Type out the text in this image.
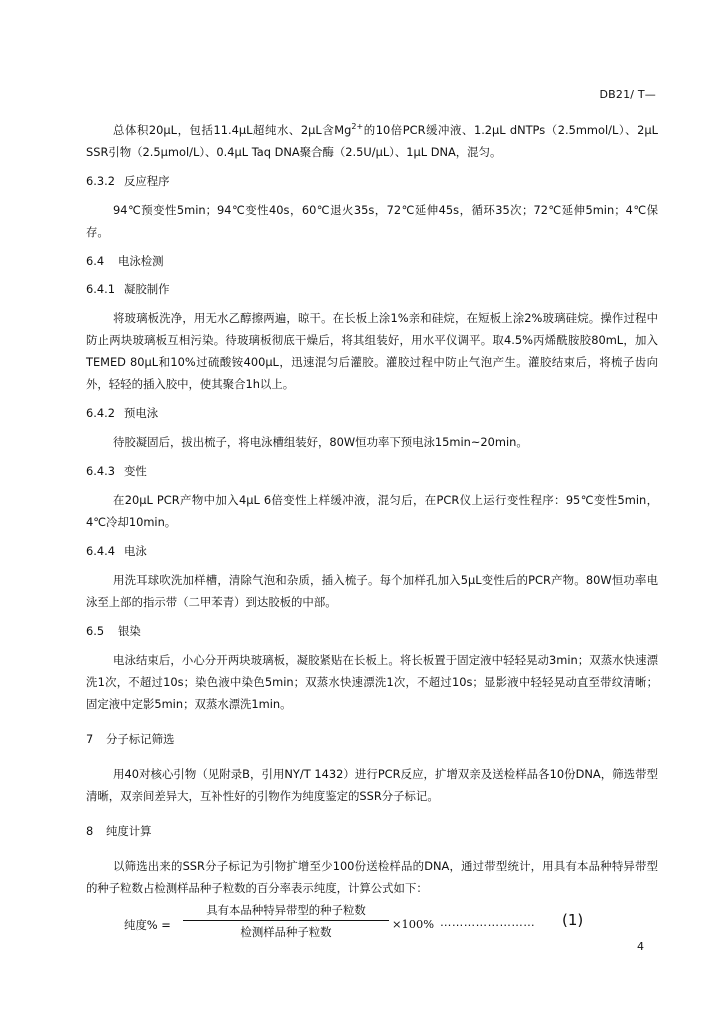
DB21/ T—

总体积20μL，包括11.4μL超纯水、2μL含$Mg^{2+}$的10倍PCR缓冲液、1.2μL dNTPs（2.5mmol/L）、2μL SSR引物（2.5μmol/L）、0.4μL Taq DNA聚合酶（2.5U/μL）、1μL DNA，混匀。

6.3.2 反应程序

94℃预变性5min；94℃变性40s，60℃退火35s，72℃延伸45s，循环35次；72℃延伸5min；4℃保存。

6.4 电泳检测
6.4.1 凝胶制作

将玻璃板洗净，用无水乙醇擦两遍，晾干。在长板上涂1%亲和硅烷，在短板上涂2%玻璃硅烷。操作过程中防止两块玻璃板互相污染。待玻璃板彻底干燥后，将其组装好，用水平仪调平。取4.5%丙烯酰胺胶80mL，加入TEMED 80μL和10%过硫酸铵400μL，迅速混匀后灌胶。灌胶过程中防止气泡产生。灌胶结束后，将梳子齿向外，轻轻的插入胶中，使其聚合1h以上。

6.4.2 预电泳

待胶凝固后，拔出梳子，将电泳槽组装好，80W恒功率下预电泳15min~20min。

6.4.3 变性

在20μL PCR产物中加入4μL 6倍变性上样缓冲液，混匀后，在PCR仪上运行变性程序：95℃变性5min，4℃冷却10min。

6.4.4 电泳

用洗耳球吹洗加样槽，清除气泡和杂质，插入梳子。每个加样孔加入5μL变性后的PCR产物。80W恒功率电泳至上部的指示带（二甲苯青）到达胶板的中部。

6.5 银染

电泳结束后，小心分开两块玻璃板，凝胶紧贴在长板上。将长板置于固定液中轻轻晃动3min；双蒸水快速漂洗1次，不超过10s；染色液中染色5min；双蒸水快速漂洗1次，不超过10s；显影液中轻轻晃动直至带纹清晰；固定液中定影5min；双蒸水漂洗1min。

7 分子标记筛选

用40对核心引物（见附录B，引用NY/T 1432）进行PCR反应，扩增双亲及送检样品各10份DNA，筛选带型清晰，双亲间差异大，互补性好的引物作为纯度鉴定的SSR分子标记。

8 纯度计算

以筛选出来的SSR分子标记为引物扩增至少100份送检样品的DNA，通过带型统计，用具有本品种特异带型的种子粒数占检测样品种子粒数的百分率表示纯度，计算公式如下：

纯度% =
具有本品种特异带型的种子粒数
检测样品种子粒数
×100% …………………… (1)
4
